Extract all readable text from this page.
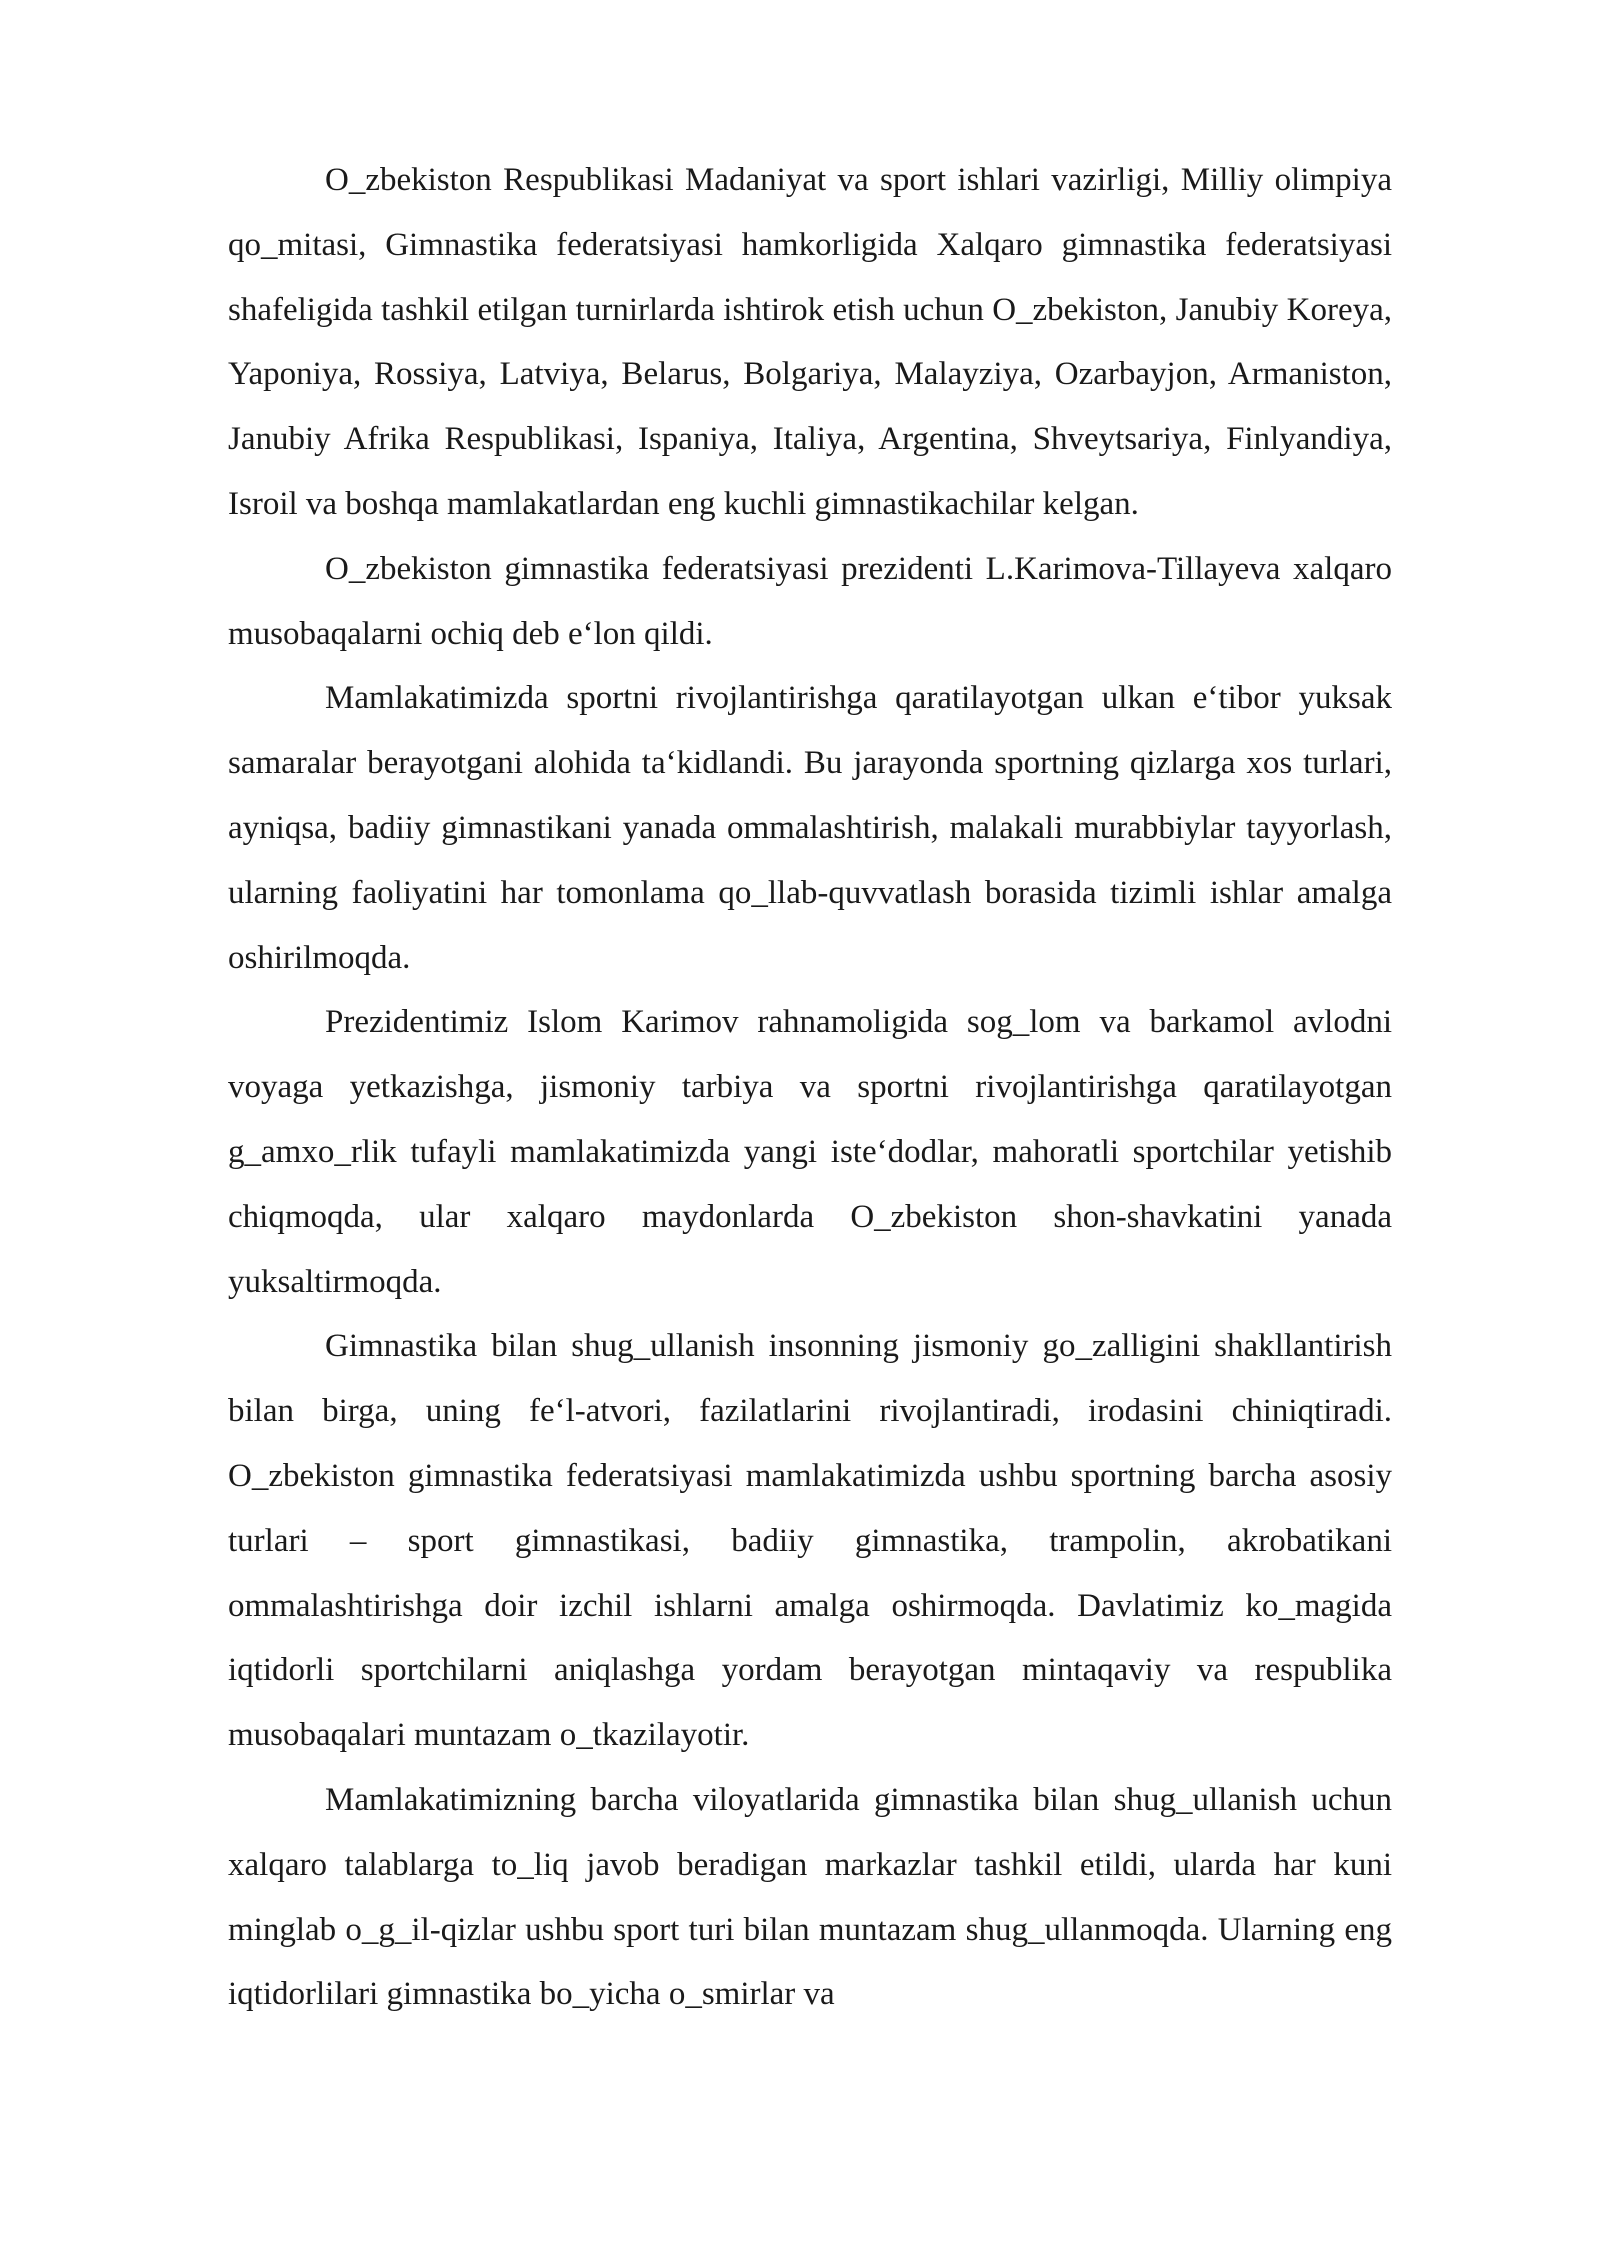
O_zbekiston Respublikasi Madaniyat va sport ishlari vazirligi, Milliy olimpiya qo_mitasi, Gimnastika federatsiyasi hamkorligida Xalqaro gimnastika federatsiyasi shafeligida tashkil etilgan turnirlarda ishtirok etish uchun O_zbekiston, Janubiy Koreya, Yaponiya, Rossiya, Latviya, Belarus, Bolgariya, Malayziya, Ozarbayjon, Armaniston, Janubiy Afrika Respublikasi, Ispaniya, Italiya, Argentina, Shveytsariya, Finlyandiya, Isroil va boshqa mamlakatlardan eng kuchli gimnastikachilar kelgan.

O_zbekiston gimnastika federatsiyasi prezidenti L.Karimova-Tillayeva xalqaro musobaqalarni ochiq deb e‘lon qildi.

Mamlakatimizda sportni rivojlantirishga qaratilayotgan ulkan e‘tibor yuksak samaralar berayotgani alohida ta‘kidlandi. Bu jarayonda sportning qizlarga xos turlari, ayniqsa, badiiy gimnastikani yanada ommalashtirish, malakali murabbiylar tayyorlash, ularning faoliyatini har tomonlama qo_llab-quvvatlash borasida tizimli ishlar amalga oshirilmoqda.

Prezidentimiz Islom Karimov rahnamoligida sog_lom va barkamol avlodni voyaga yetkazishga, jismoniy tarbiya va sportni rivojlantirishga qaratilayotgan g_amxo_rlik tufayli mamlakatimizda yangi iste‘dodlar, mahoratli sportchilar yetishib chiqmoqda, ular xalqaro maydonlarda O_zbekiston shon-shavkatini yanada yuksaltirmoqda.

Gimnastika bilan shug_ullanish insonning jismoniy go_zalligini shakllantirish bilan birga, uning fe‘l-atvori, fazilatlarini rivojlantiradi, irodasini chiniqtiradi. O_zbekiston gimnastika federatsiyasi mamlakatimizda ushbu sportning barcha asosiy turlari – sport gimnastikasi, badiiy gimnastika, trampolin, akrobatikani ommalashtirishga doir izchil ishlarni amalga oshirmoqda. Davlatimiz ko_magida iqtidorli sportchilarni aniqlashga yordam berayotgan mintaqaviy va respublika musobaqalari muntazam o_tkazilayotir.

Mamlakatimizning barcha viloyatlarida gimnastika bilan shug_ullanish uchun xalqaro talablarga to_liq javob beradigan markazlar tashkil etildi, ularda har kuni minglab o_g_il-qizlar ushbu sport turi bilan muntazam shug_ullanmoqda. Ularning eng iqtidorlilari gimnastika bo_yicha o_smirlar va
